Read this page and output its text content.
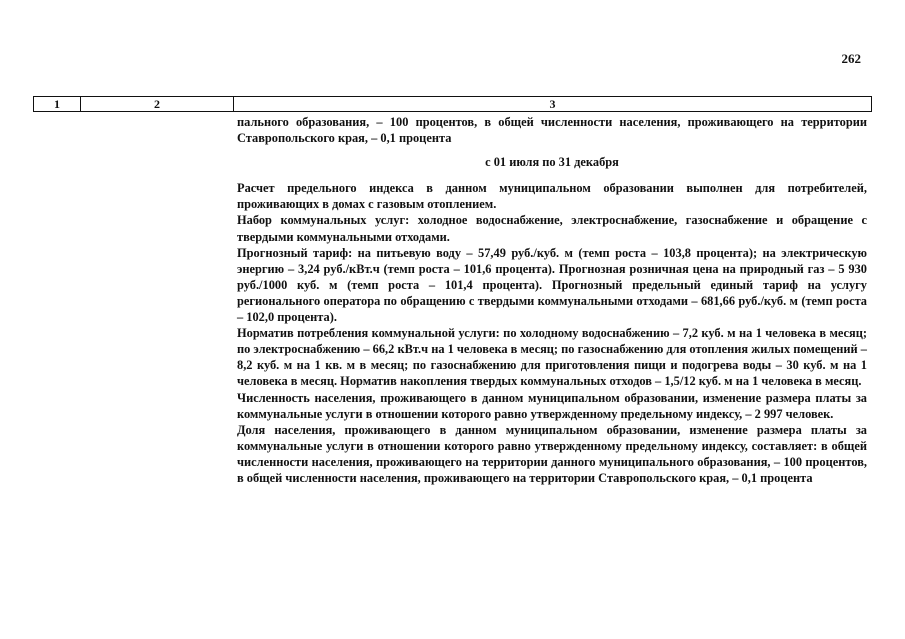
262
1	2	3

пального образования, – 100 процентов, в общей численности населения, проживающего на территории Ставропольского края, – 0,1 процента

с 01 июля по 31 декабря

Расчет предельного индекса в данном муниципальном образовании выполнен для потребителей, проживающих в домах с газовым отоплением.

Набор коммунальных услуг: холодное водоснабжение, электроснабжение, газоснабжение и обращение с твердыми коммунальными отходами.

Прогнозный тариф: на питьевую воду – 57,49 руб./куб. м (темп роста – 103,8 процента); на электрическую энергию – 3,24 руб./кВт.ч (темп роста – 101,6 процента). Прогнозная розничная цена на природный газ – 5 930 руб./1000 куб. м (темп роста – 101,4 процента). Прогнозный предельный единый тариф на услугу регионального оператора по обращению с твердыми коммунальными отходами – 681,66 руб./куб. м (темп роста – 102,0 процента).

Норматив потребления коммунальной услуги: по холодному водоснабжению – 7,2 куб. м на 1 человека в месяц; по электроснабжению – 66,2 кВт.ч на 1 человека в месяц; по газоснабжению для отопления жилых помещений – 8,2 куб. м на 1 кв. м в месяц; по газоснабжению для приготовления пищи и подогрева воды – 30 куб. м на 1 человека в месяц. Норматив накопления твердых коммунальных отходов – 1,5/12 куб. м на 1 человека в месяц.

Численность населения, проживающего в данном муниципальном образовании, изменение размера платы за коммунальные услуги в отношении которого равно утвержденному предельному индексу, – 2 997 человек.

Доля населения, проживающего в данном муниципальном образовании, изменение размера платы за коммунальные услуги в отношении которого равно утвержденному предельному индексу, составляет: в общей численности населения, проживающего на территории данного муниципального образования, – 100 процентов, в общей численности населения, проживающего на территории Ставропольского края, – 0,1 процента
